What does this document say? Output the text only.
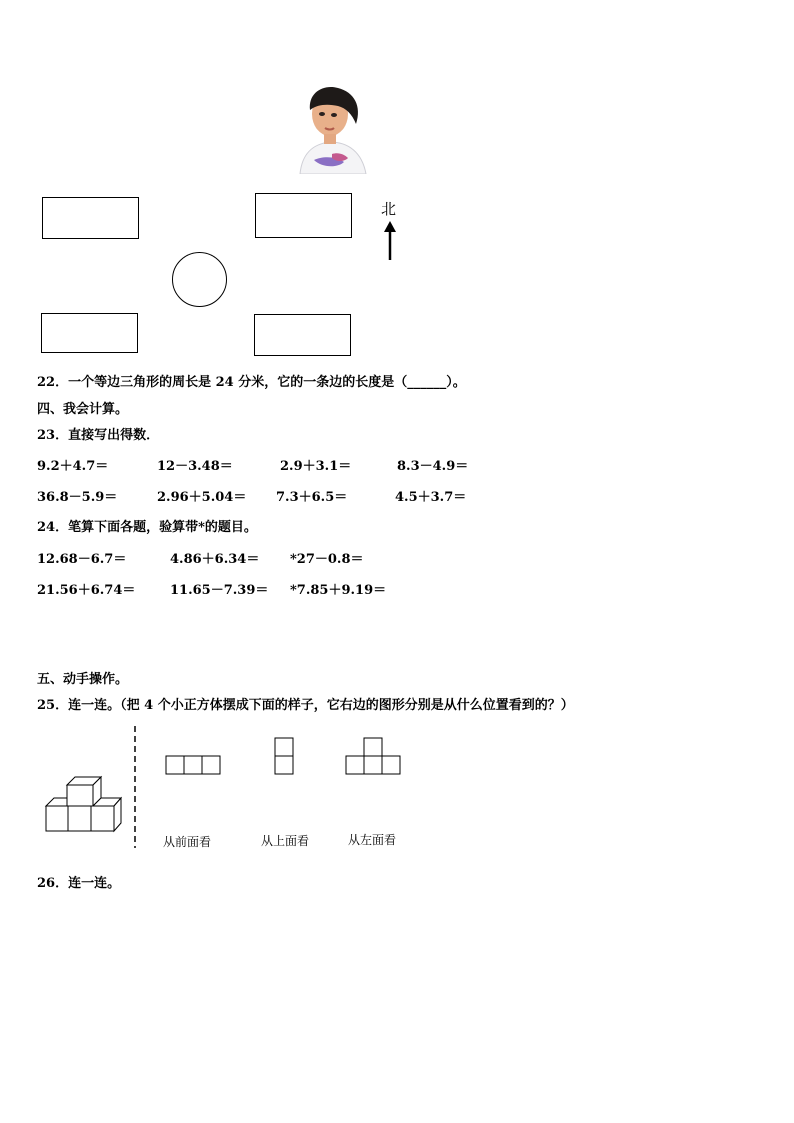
北
22．一个等边三角形的周长是 24 分米，它的一条边的长度是（______）。
四、我会计算。
23．直接写出得数．
9.2＋4.7＝	12－3.48＝	2.9＋3.1＝	8.3－4.9＝
36.8－5.9＝	2.96＋5.04＝ 7.3＋6.5＝	4.5＋3.7＝
24．笔算下面各题，验算带*的题目。
12.68－6.7＝	4.86＋6.34＝ *27－0.8＝
21.56＋6.74＝	11.65－7.39＝ *7.85＋9.19＝
五、动手操作。
25．连一连。（把 4 个小正方体摆成下面的样子，它右边的图形分别是从什么位置看到的？）
从前面看	从上面看	从左面看
26．连一连。
